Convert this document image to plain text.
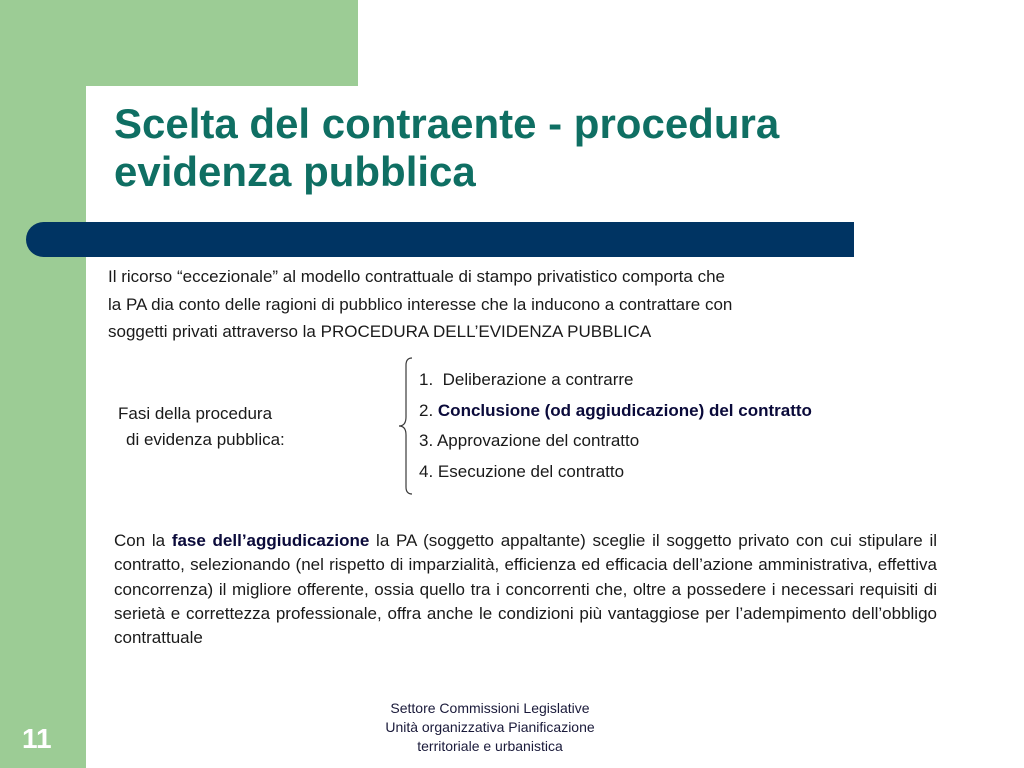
Scelta del contraente - procedura
evidenza pubblica
Il ricorso “eccezionale” al modello contrattuale di stampo privatistico comporta che
la PA dia conto delle ragioni di pubblico interesse che la inducono a contrattare con
soggetti privati attraverso la PROCEDURA DELL’EVIDENZA PUBBLICA
Fasi della procedura
di evidenza pubblica:
1.  Deliberazione a contrarre
2. Conclusione (od aggiudicazione) del contratto
3. Approvazione del contratto
4. Esecuzione del contratto

Con la fase dell’aggiudicazione la PA (soggetto appaltante) sceglie il soggetto privato con cui stipulare il contratto, selezionando (nel rispetto di imparzialità, efficienza ed efficacia dell’azione amministrativa, effettiva concorrenza) il migliore offerente, ossia quello tra i concorrenti che, oltre a possedere i necessari requisiti di serietà e correttezza professionale, offra anche le condizioni più vantaggiose per l’adempimento dell’obbligo contrattuale

Settore Commissioni Legislative
Unità organizzativa Pianificazione
territoriale e urbanistica
11
